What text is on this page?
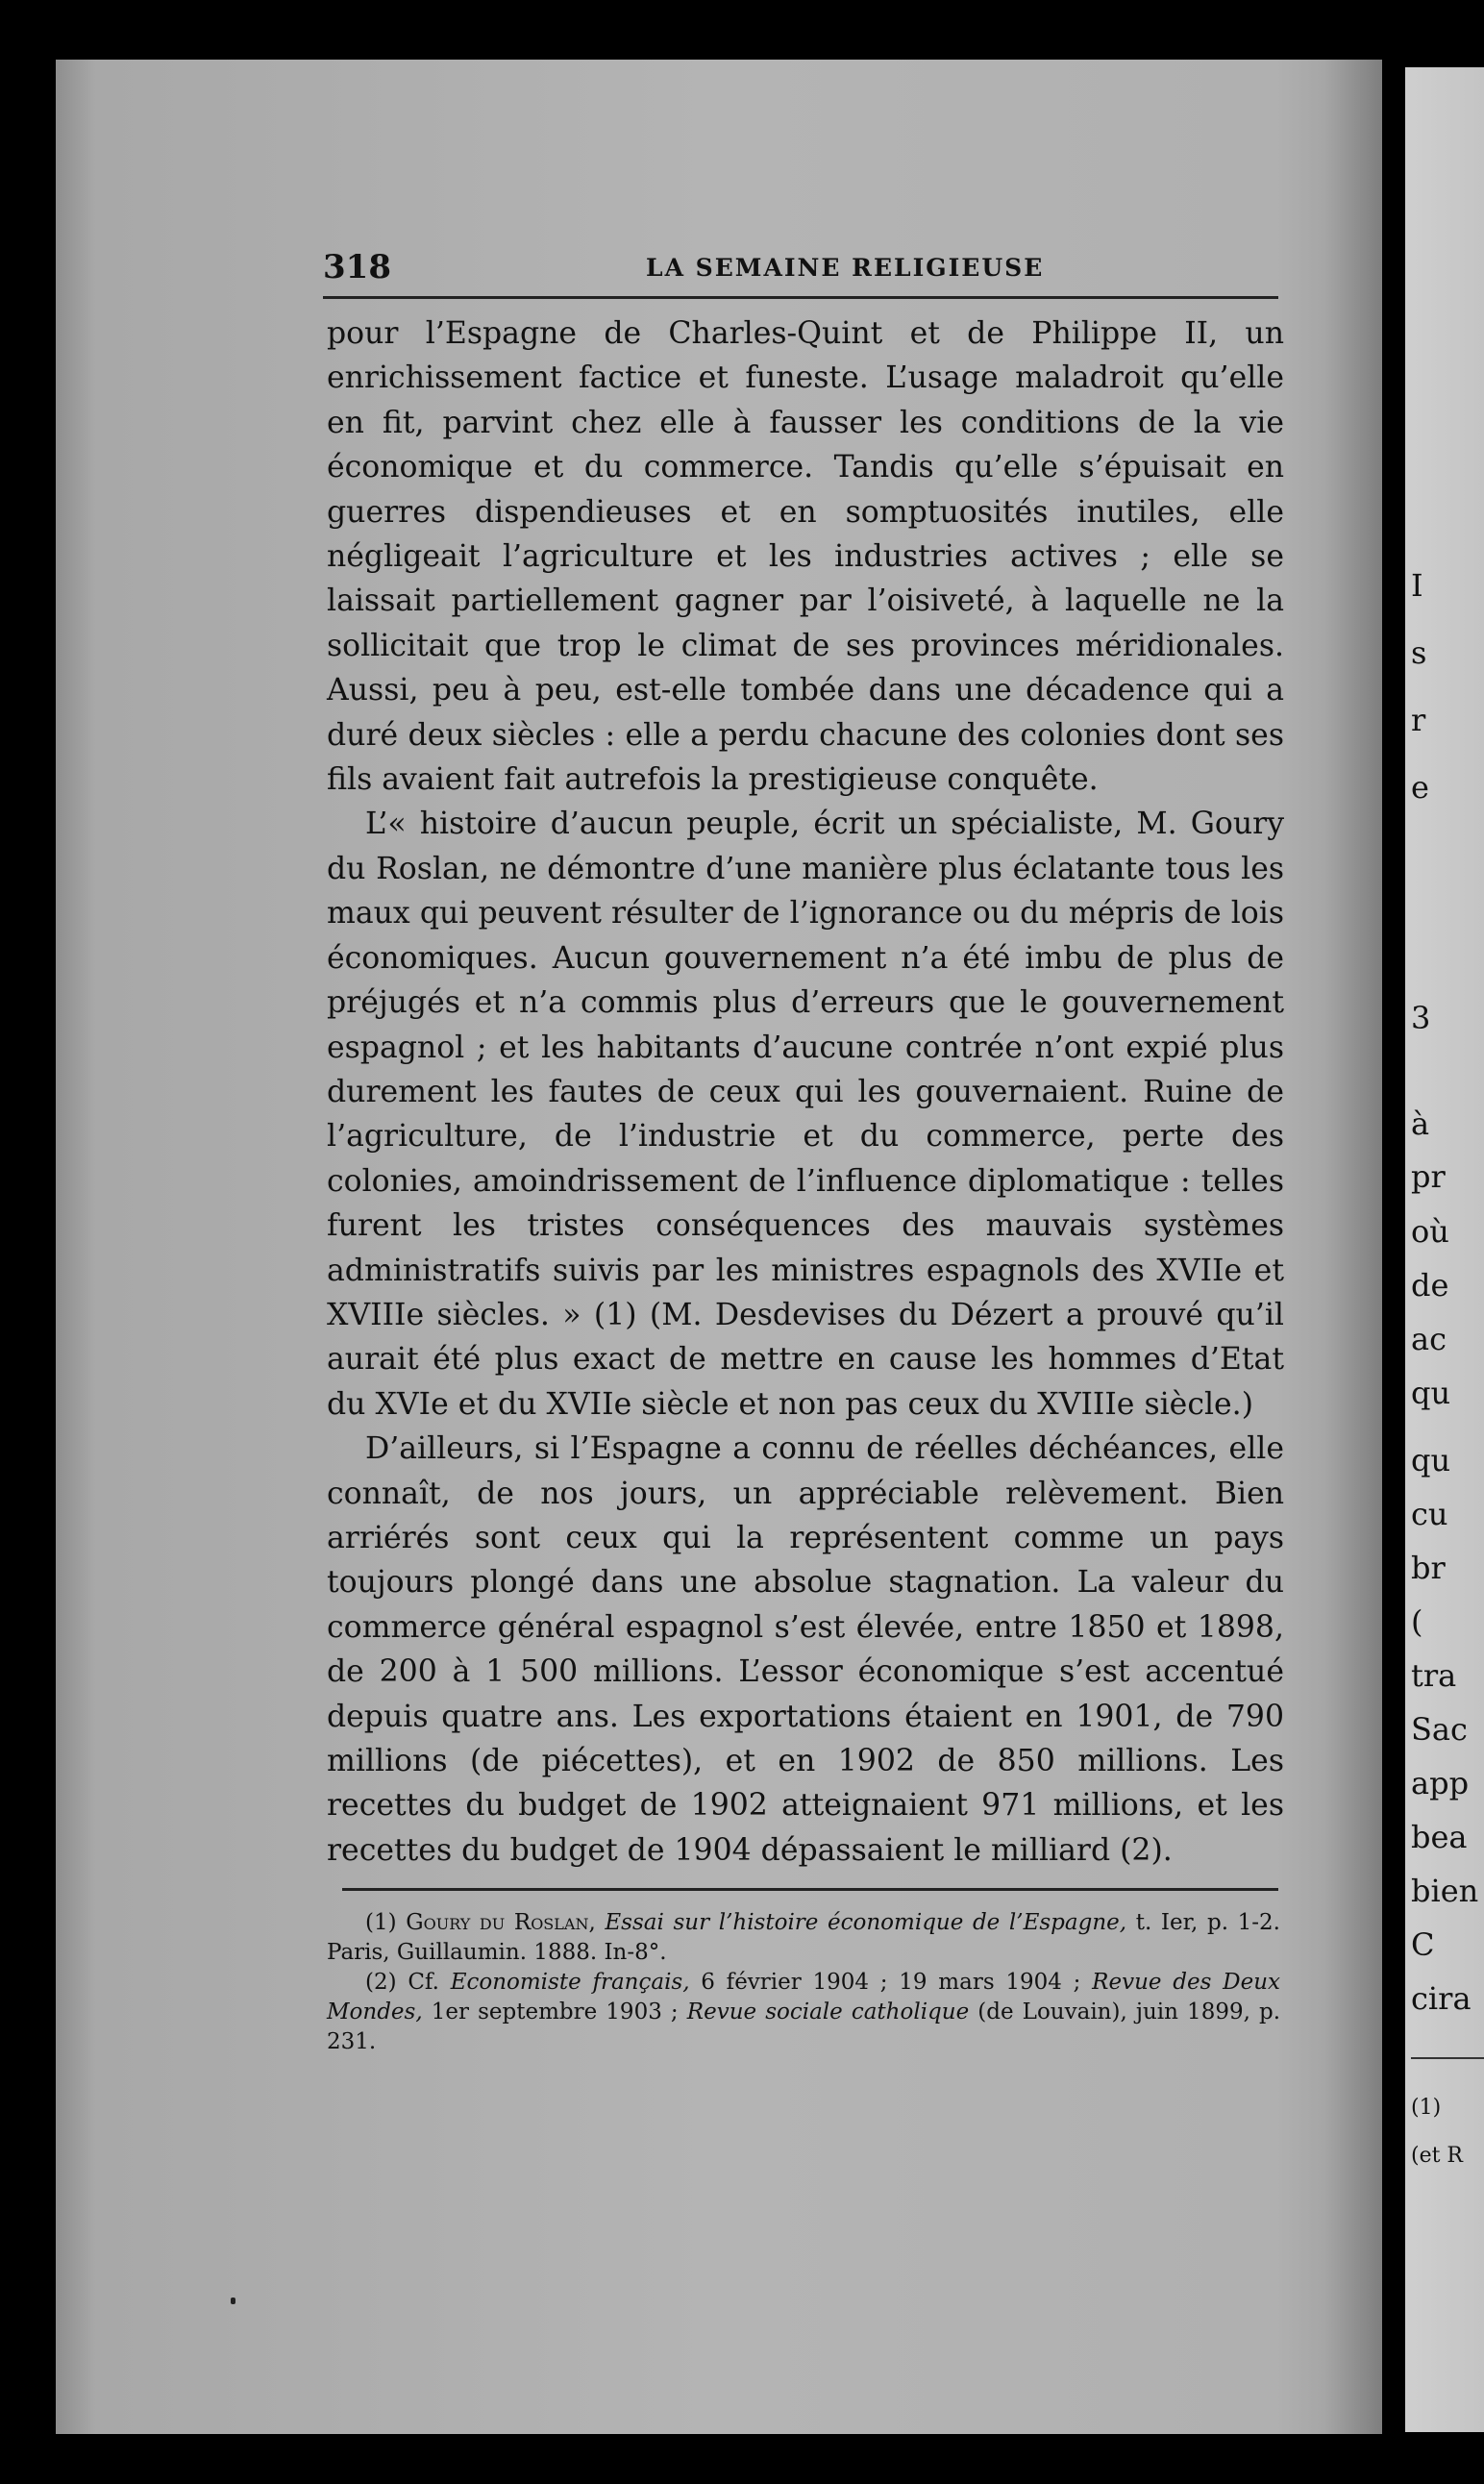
I
s
r
e
3
à
pr
où
de
ac
qu
qu
cu
br
(
tra
Sac
app
bea
bien
C
cira
(1)
(et R
318	LA SEMAINE RELIGIEUSE

pour l’Espagne de Charles-Quint et de Philippe II, un enrichissement factice et funeste. L’usage maladroit qu’elle en fit, parvint chez elle à fausser les conditions de la vie économique et du commerce. Tandis qu’elle s’épuisait en guerres dispendieuses et en somptuosités inutiles, elle négligeait l’agriculture et les industries actives ; elle se laissait partiellement gagner par l’oisiveté, à laquelle ne la sollicitait que trop le climat de ses provinces méridionales. Aussi, peu à peu, est-elle tombée dans une décadence qui a duré deux siècles : elle a perdu chacune des colonies dont ses fils avaient fait autrefois la prestigieuse conquête.

L’« histoire d’aucun peuple, écrit un spécialiste, M. Goury du Roslan, ne démontre d’une manière plus éclatante tous les maux qui peuvent résulter de l’ignorance ou du mépris de lois économiques. Aucun gouvernement n’a été imbu de plus de préjugés et n’a commis plus d’erreurs que le gouvernement espagnol ; et les habitants d’aucune contrée n’ont expié plus durement les fautes de ceux qui les gouvernaient. Ruine de l’agriculture, de l’industrie et du commerce, perte des colonies, amoindrissement de l’influence diplomatique : telles furent les tristes conséquences des mauvais systèmes administratifs suivis par les ministres espagnols des XVIIe et XVIIIe siècles. » (1) (M. Desdevises du Dézert a prouvé qu’il aurait été plus exact de mettre en cause les hommes d’Etat du XVIe et du XVIIe siècle et non pas ceux du XVIIIe siècle.)

D’ailleurs, si l’Espagne a connu de réelles déchéances, elle connaît, de nos jours, un appréciable relèvement. Bien arriérés sont ceux qui la représentent comme un pays toujours plongé dans une absolue stagnation. La valeur du commerce général espagnol s’est élevée, entre 1850 et 1898, de 200 à 1 500 millions. L’essor économique s’est accentué depuis quatre ans. Les exportations étaient en 1901, de 790 millions (de piécettes), et en 1902 de 850 millions. Les recettes du budget de 1902 atteignaient 971 millions, et les recettes du budget de 1904 dépassaient le milliard (2).

(1) Goury du Roslan, Essai sur l’histoire économique de l’Espagne, t. Ier, p. 1-2. Paris, Guillaumin. 1888. In-8°.

(2) Cf. Economiste français, 6 février 1904 ; 19 mars 1904 ; Revue des Deux Mondes, 1er septembre 1903 ; Revue sociale catholique (de Louvain), juin 1899, p. 231.
